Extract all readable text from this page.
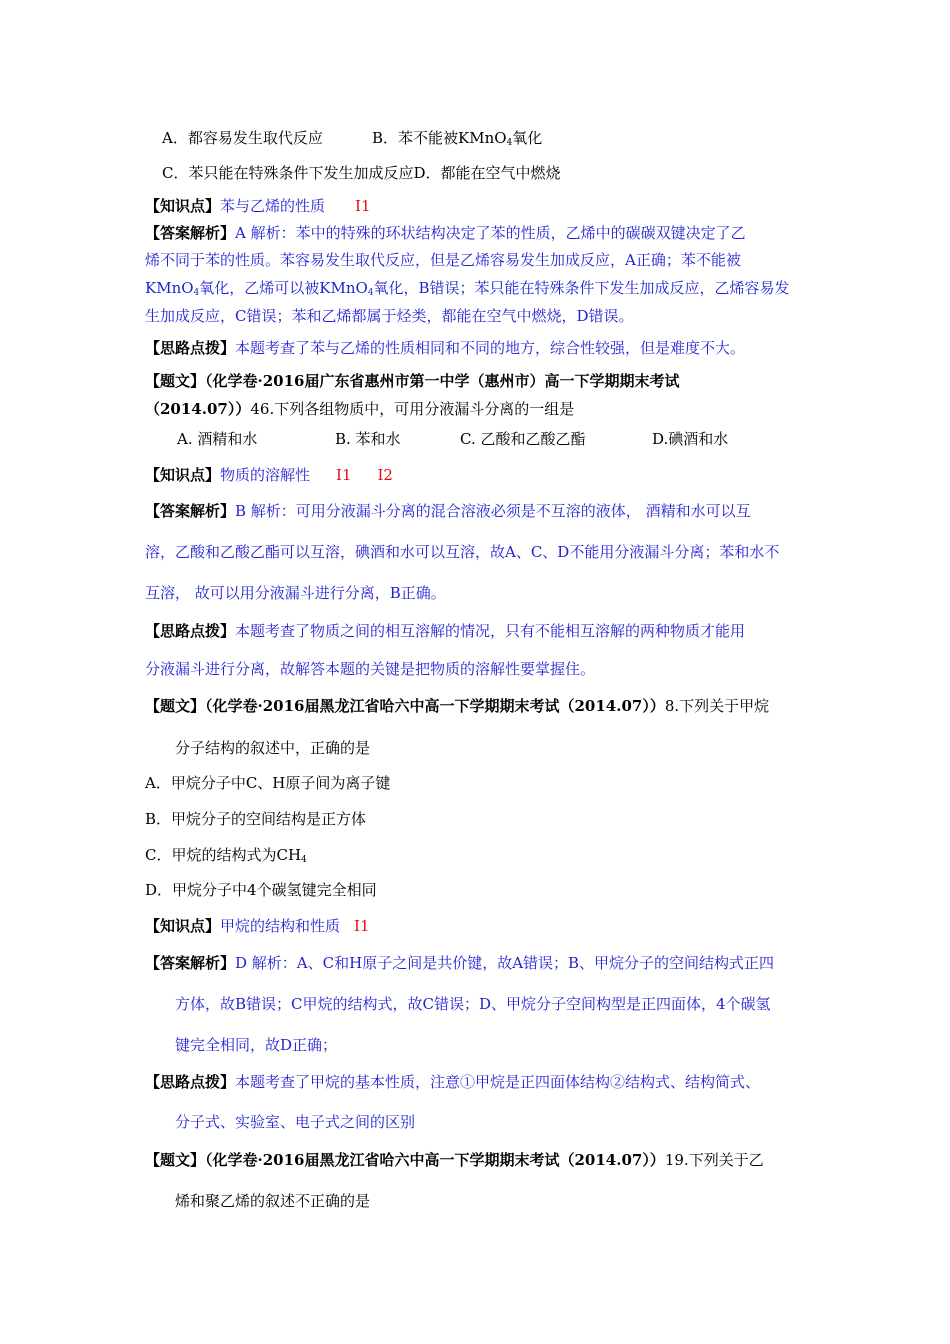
A．都容易发生取代反应	B．苯不能被KMnO$_4$氧化
C．苯只能在特殊条件下发生加成反应D．都能在空气中燃烧
【知识点】苯与乙烯的性质 I1
【答案解析】A 解析：苯中的特殊的环状结构决定了苯的性质，乙烯中的碳碳双键决定了乙
烯不同于苯的性质。苯容易发生取代反应，但是乙烯容易发生加成反应，A正确；苯不能被
KMnO$_4$氧化，乙烯可以被KMnO$_4$氧化，B错误；苯只能在特殊条件下发生加成反应，乙烯容易发
生加成反应，C错误；苯和乙烯都属于烃类，都能在空气中燃烧，D错误。
【思路点拨】本题考查了苯与乙烯的性质相同和不同的地方，综合性较强，但是难度不大。
【题文】（化学卷·2016届广东省惠州市第一中学（惠州市）高一下学期期末考试
（2014.07））46.下列各组物质中，可用分液漏斗分离的一组是
A. 酒精和水	B. 苯和水	C. 乙酸和乙酸乙酯	D.碘酒和水
【知识点】物质的溶解性 I1 I2
【答案解析】B 解析：可用分液漏斗分离的混合溶液必须是不互溶的液体， 酒精和水可以互
溶，乙酸和乙酸乙酯可以互溶，碘酒和水可以互溶，故A、C、D不能用分液漏斗分离；苯和水不
互溶， 故可以用分液漏斗进行分离，B正确。
【思路点拨】本题考查了物质之间的相互溶解的情况，只有不能相互溶解的两种物质才能用
分液漏斗进行分离，故解答本题的关键是把物质的溶解性要掌握住。
【题文】（化学卷·2016届黑龙江省哈六中高一下学期期末考试（2014.07））8.下列关于甲烷
分子结构的叙述中，正确的是
A．甲烷分子中C、H原子间为离子键
B．甲烷分子的空间结构是正方体
C．甲烷的结构式为$CH_4$
D．甲烷分子中4个碳氢键完全相同
【知识点】甲烷的结构和性质 I1
【答案解析】D 解析：A、C和H原子之间是共价键，故A错误；B、甲烷分子的空间结构式正四
方体，故B错误；C甲烷的结构式，故C错误；D、甲烷分子空间构型是正四面体，4个碳氢
键完全相同，故D正确；
【思路点拨】本题考查了甲烷的基本性质，注意①甲烷是正四面体结构②结构式、结构简式、
分子式、实验室、电子式之间的区别
【题文】（化学卷·2016届黑龙江省哈六中高一下学期期末考试（2014.07））19.下列关于乙
烯和聚乙烯的叙述不正确的是
